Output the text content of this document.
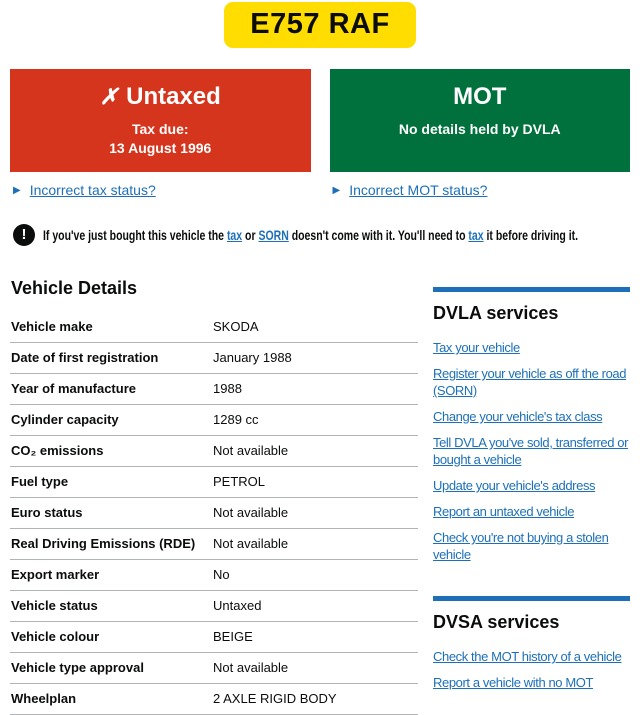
E757 RAF
✗ Untaxed
Tax due:
13 August 1996
MOT
No details held by DVLA
▶ Incorrect tax status?	▶ Incorrect MOT status?
!	If you've just bought this vehicle the tax or SORN doesn't come with it. You'll need to tax it before driving it.
Vehicle Details
Vehicle make	SKODA
Date of first registration	January 1988
Year of manufacture	1988
Cylinder capacity	1289 cc
CO₂ emissions	Not available
Fuel type	PETROL
Euro status	Not available
Real Driving Emissions (RDE)	Not available
Export marker	No
Vehicle status	Untaxed
Vehicle colour	BEIGE
Vehicle type approval	Not available
Wheelplan	2 AXLE RIGID BODY
DVLA services
Tax your vehicle
Register your vehicle as off the road (SORN)
Change your vehicle's tax class
Tell DVLA you've sold, transferred or bought a vehicle
Update your vehicle's address
Report an untaxed vehicle
Check you're not buying a stolen vehicle
DVSA services
Check the MOT history of a vehicle
Report a vehicle with no MOT
